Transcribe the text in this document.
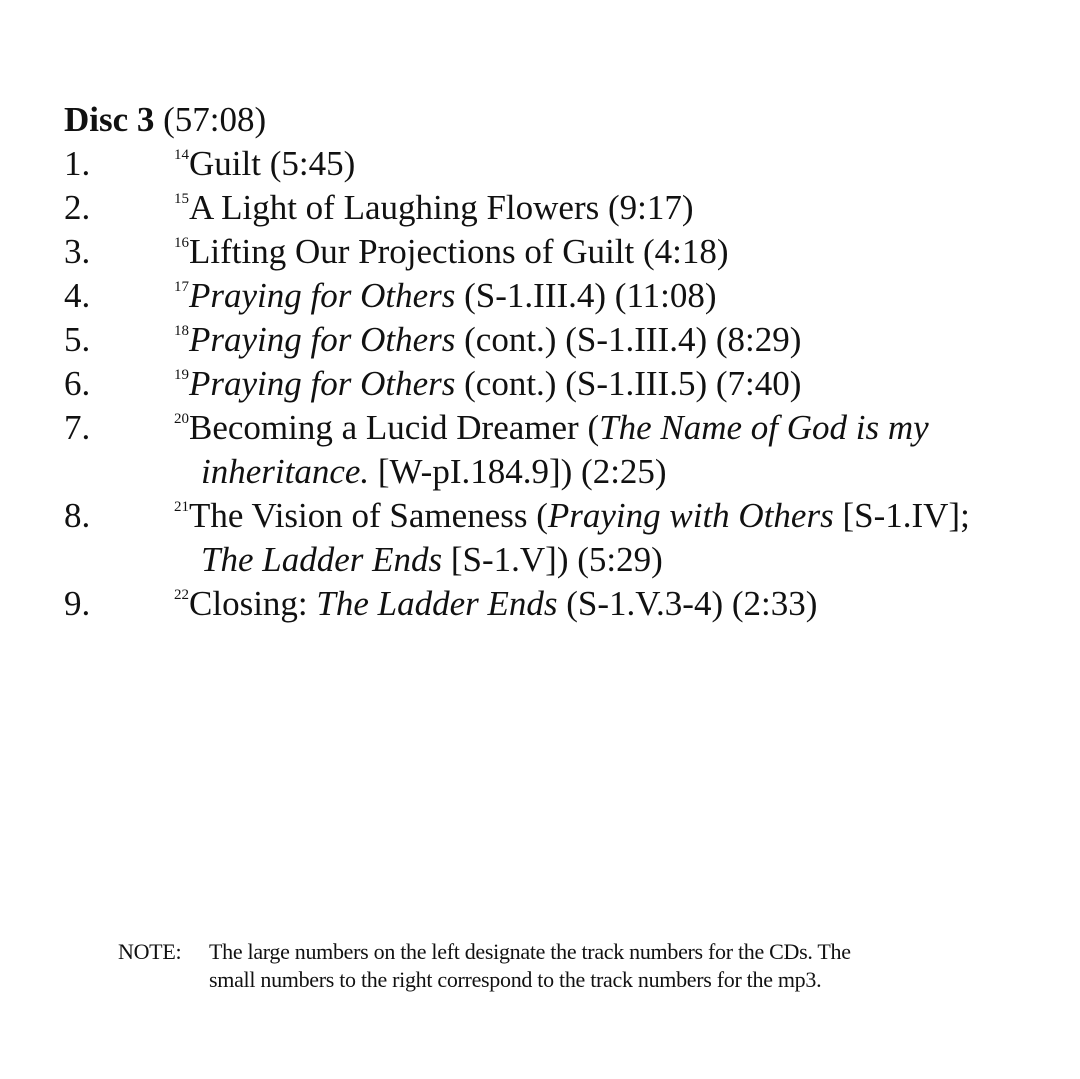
Disc 3 (57:08)
1.	$^{14}$Guilt (5:45)
2.	$^{15}$A Light of Laughing Flowers (9:17)
3.	$^{16}$Lifting Our Projections of Guilt (4:18)
4.	$^{17}$Praying for Others (S-1.III.4) (11:08)
5.	$^{18}$Praying for Others (cont.) (S-1.III.4) (8:29)
6.	$^{19}$Praying for Others (cont.) (S-1.III.5) (7:40)
7.	$^{20}$Becoming a Lucid Dreamer (The Name of God is my
inheritance. [W-pI.184.9]) (2:25)
8.	$^{21}$The Vision of Sameness (Praying with Others [S-1.IV];
The Ladder Ends [S-1.V]) (5:29)
9.	$^{22}$Closing: The Ladder Ends (S-1.V.3-4) (2:33)
NOTE: The large numbers on the left designate the track numbers for the CDs. The
small numbers to the right correspond to the track numbers for the mp3.
